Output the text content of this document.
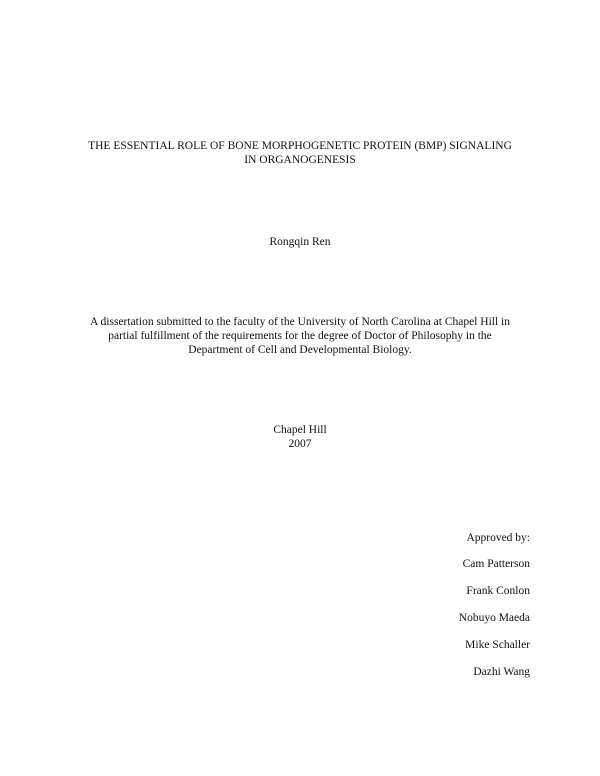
THE ESSENTIAL ROLE OF BONE MORPHOGENETIC PROTEIN (BMP) SIGNALING
IN ORGANOGENESIS
Rongqin Ren
A dissertation submitted to the faculty of the University of North Carolina at Chapel Hill in
partial fulfillment of the requirements for the degree of Doctor of Philosophy in the
Department of Cell and Developmental Biology.
Chapel Hill
2007
Approved by:
Cam Patterson
Frank Conlon
Nobuyo Maeda
Mike Schaller
Dazhi Wang
